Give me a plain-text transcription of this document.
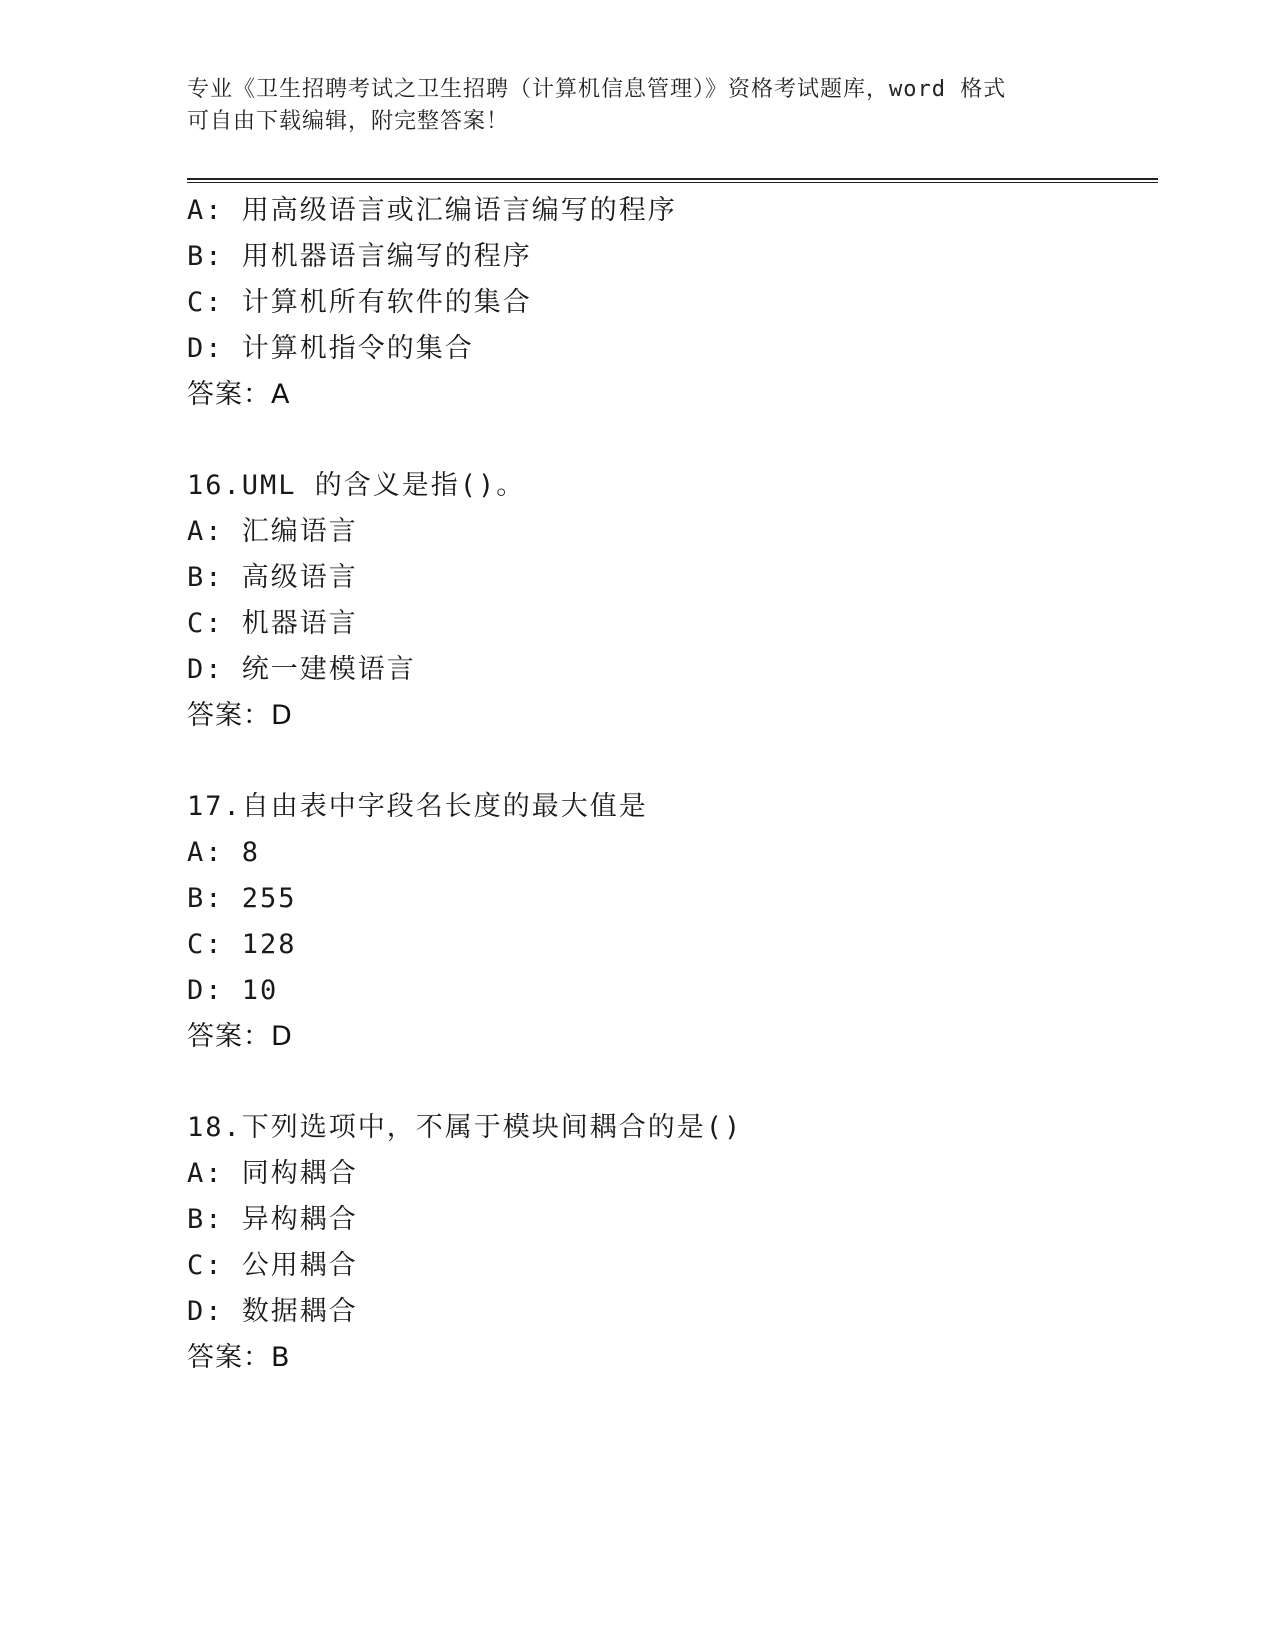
专业《卫生招聘考试之卫生招聘（计算机信息管理）》资格考试题库，word 格式
可自由下载编辑，附完整答案！
A: 用高级语言或汇编语言编写的程序
B: 用机器语言编写的程序
C: 计算机所有软件的集合
D: 计算机指令的集合
答案：A
16.UML 的含义是指()。
A: 汇编语言
B: 高级语言
C: 机器语言
D: 统一建模语言
答案：D
17.自由表中字段名长度的最大值是
A: 8
B: 255
C: 128
D: 10
答案：D
18.下列选项中，不属于模块间耦合的是()
A: 同构耦合
B: 异构耦合
C: 公用耦合
D: 数据耦合
答案：B
